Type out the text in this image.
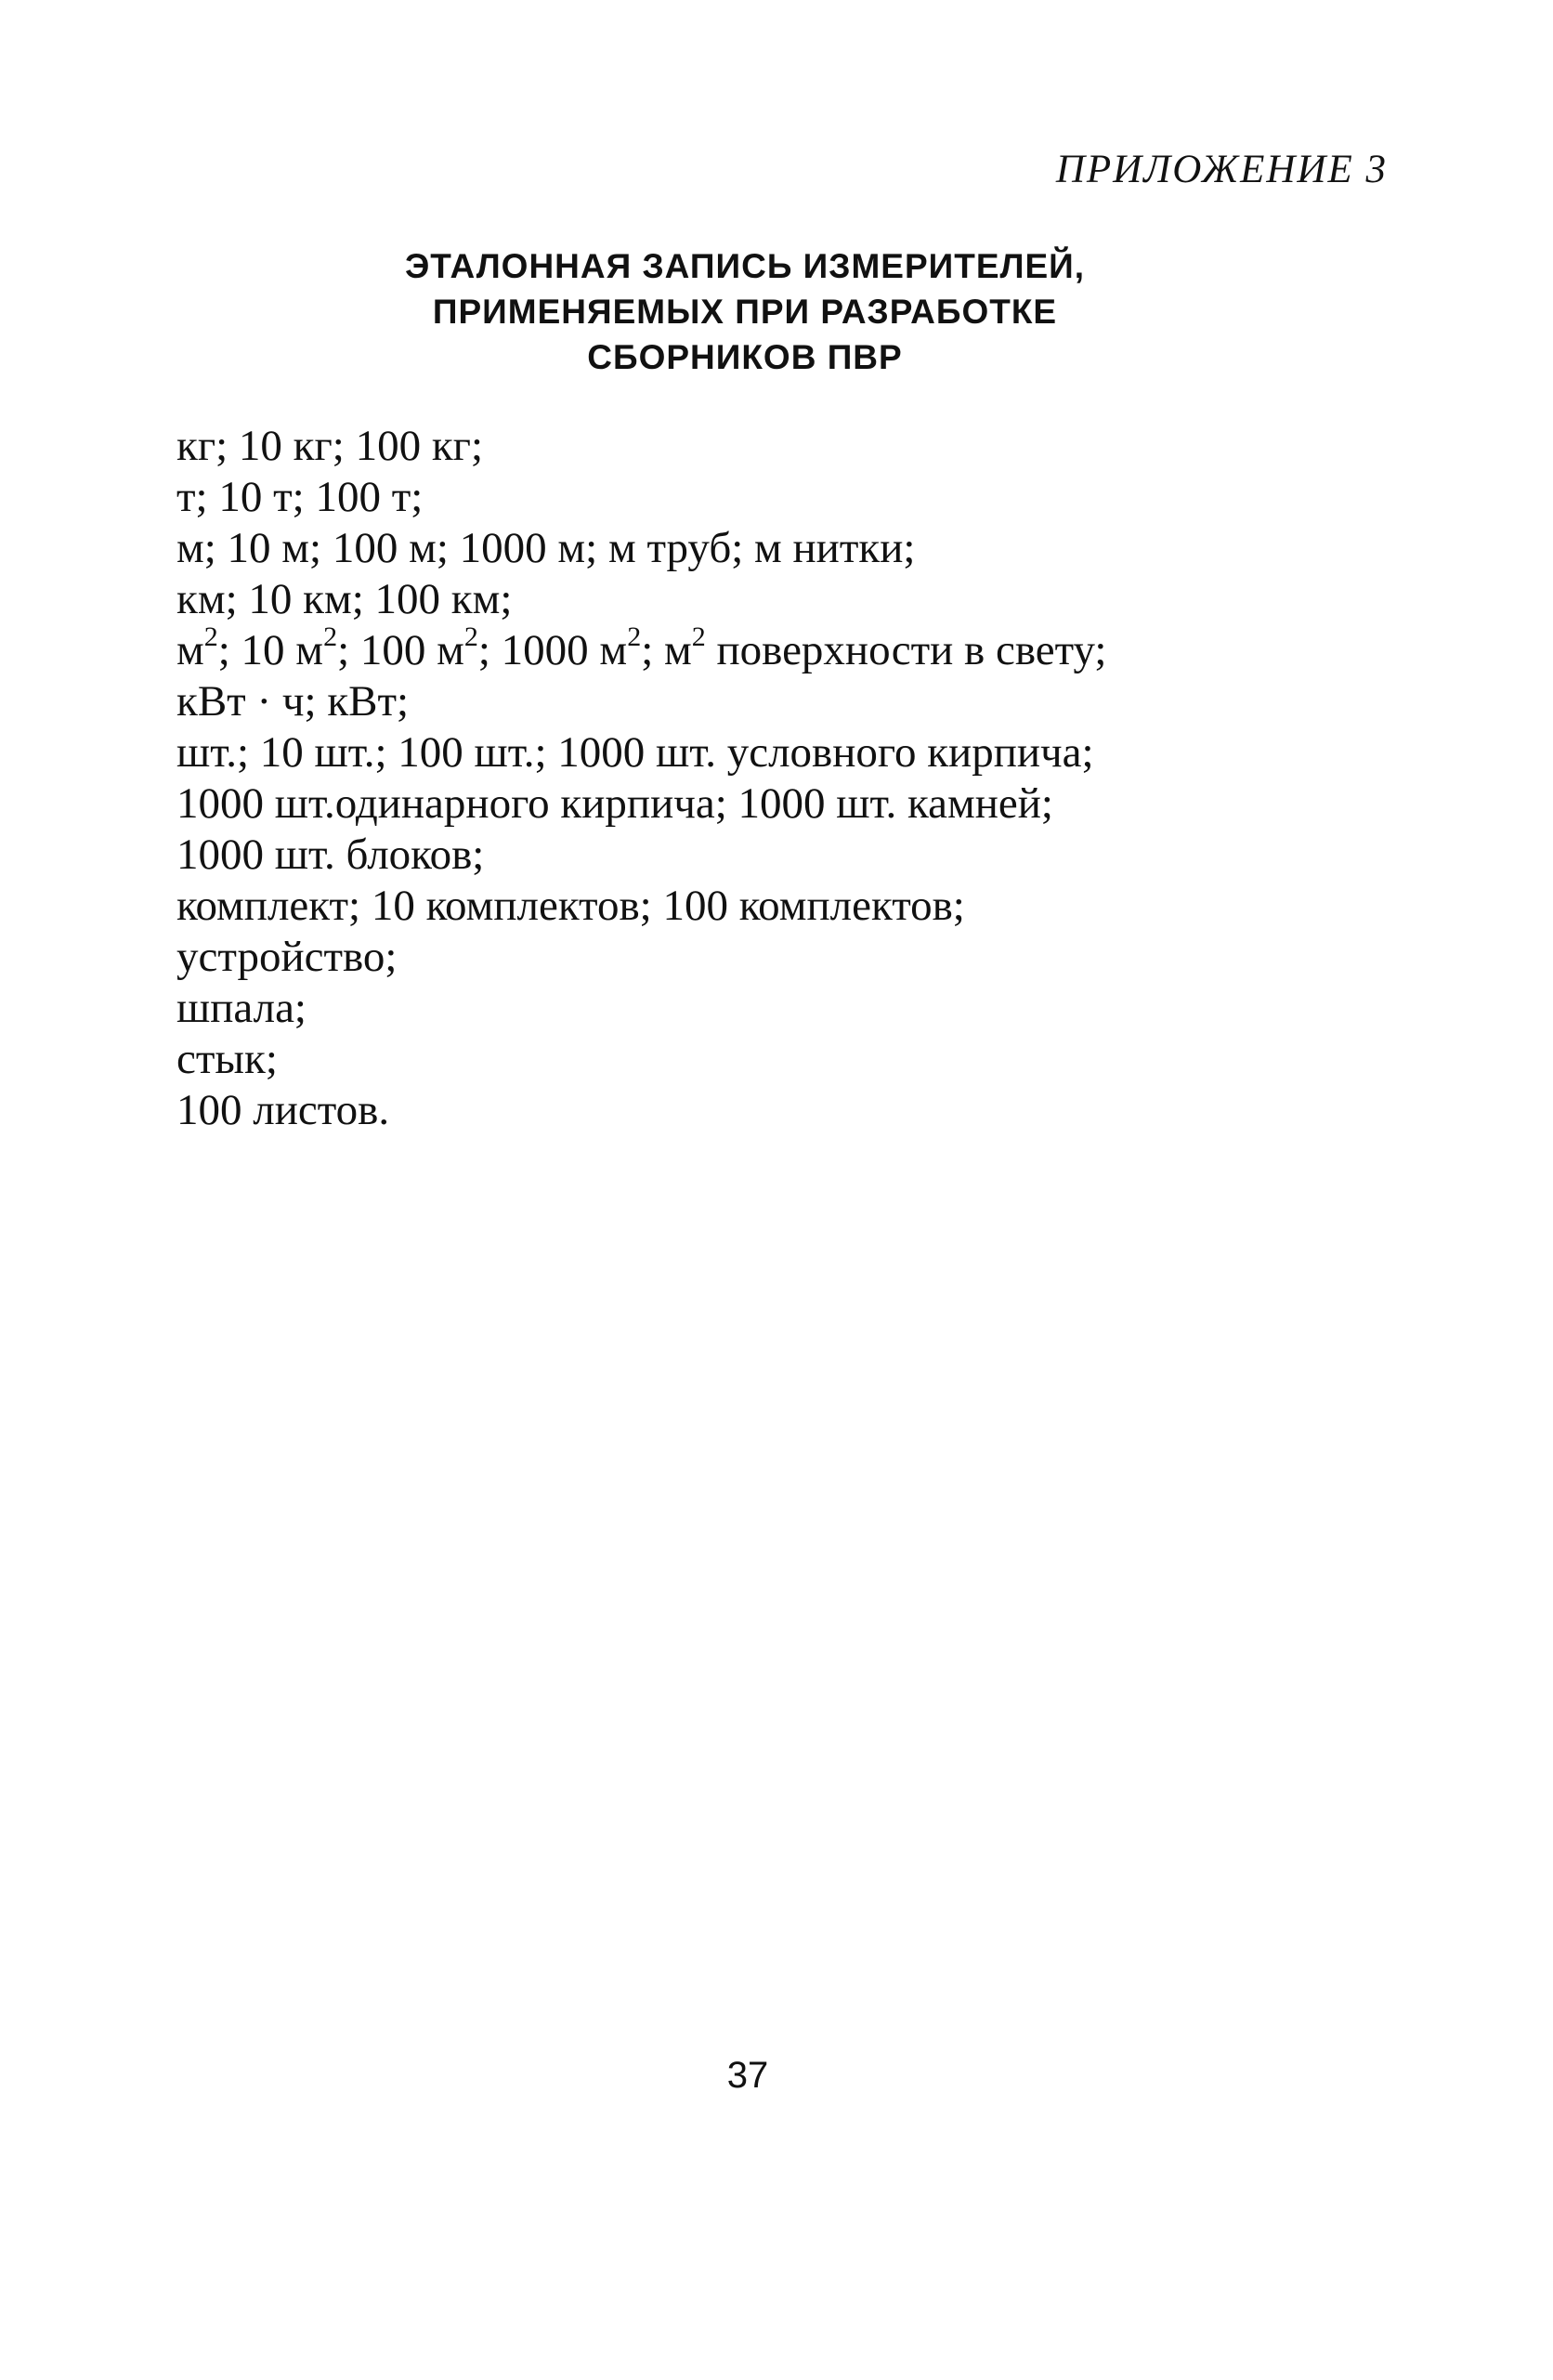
ПРИЛОЖЕНИЕ 3
ЭТАЛОННАЯ ЗАПИСЬ ИЗМЕРИТЕЛЕЙ,
ПРИМЕНЯЕМЫХ ПРИ РАЗРАБОТКЕ
СБОРНИКОВ ПВР
кг; 10 кг; 100 кг;
т; 10 т; 100 т;
м; 10 м; 100 м; 1000 м; м труб; м нитки;
км; 10 км; 100 км;
$м^2$; 10 $м^2$; 100 $м^2$; 1000 $м^2$; $м^2$ поверхности в свету;
кВт · ч; кВт;
шт.; 10 шт.; 100 шт.; 1000 шт. условного кирпича;
1000 шт.одинарного кирпича; 1000 шт. камней;
1000 шт. блоков;
комплект; 10 комплектов; 100 комплектов;
устройство;
шпала;
стык;
100 листов.
37
